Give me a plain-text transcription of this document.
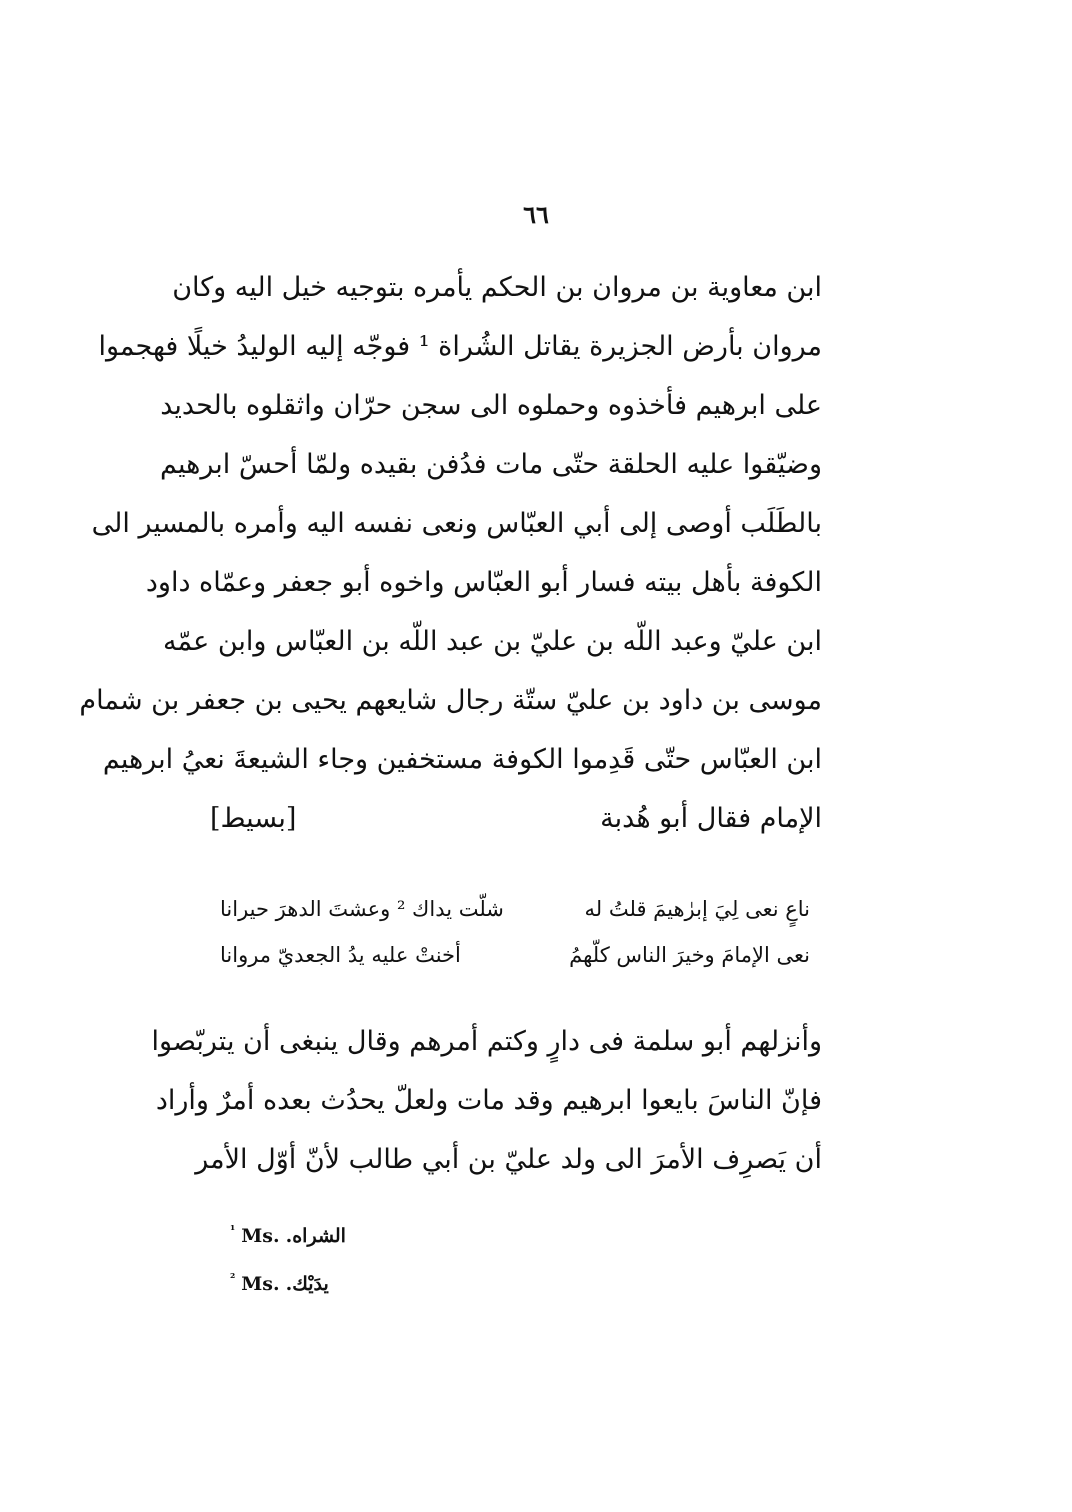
٦٦
ابن معاوية بن مروان بن الحكم يأمره بتوجيه خيل اليه وكان
مروان بأرض الجزيرة يقاتل الشُراة ¹ فوجّه إليه الوليدُ خيلًا فهجموا
على ابرهيم فأخذوه وحملوه الى سجن حرّان واثقلوه بالحديد
وضيّقوا عليه الحلقة حتّى مات فدُفن بقيده ولمّا أحسّ ابرهيم
بالطَلَب أوصى إلى أبي العبّاس ونعى نفسه اليه وأمره بالمسير الى
الكوفة بأهل بيته فسار أبو العبّاس واخوه أبو جعفر وعمّاه داود
ابن عليّ وعبد اللّه بن عليّ بن عبد اللّه بن العبّاس وابن عمّه
موسى بن داود بن عليّ ستّة رجال شايعهم يحيى بن جعفر بن شمام
ابن العبّاس حتّى قَدِموا الكوفة مستخفين وجاء الشيعةَ نعيُ ابرهيم
الإمام فقال أبو هُدبة
[بسيط]
ناعٍ نعى لِيَ إبرٰهيمَ قلتُ له
شلّت يداك ² وعشتَ الدهرَ حيرانا
نعى الإمامَ وخيرَ الناس كلّهمُ
أخنتْ عليه يدُ الجعديّ مروانا
وأنزلهم أبو سلمة فى دارٍ وكتم أمرهم وقال ينبغى أن يتربّصوا
فإنّ الناسَ بايعوا ابرهيم وقد مات ولعلّ يحدُث بعده أمرٌ وأراد
أن يَصرِف الأمرَ الى ولد عليّ بن أبي طالب لأنّ أوّل الأمر
$^{^1}$ Ms. الشراه.
$^{^2}$ Ms. يدَيْك.
